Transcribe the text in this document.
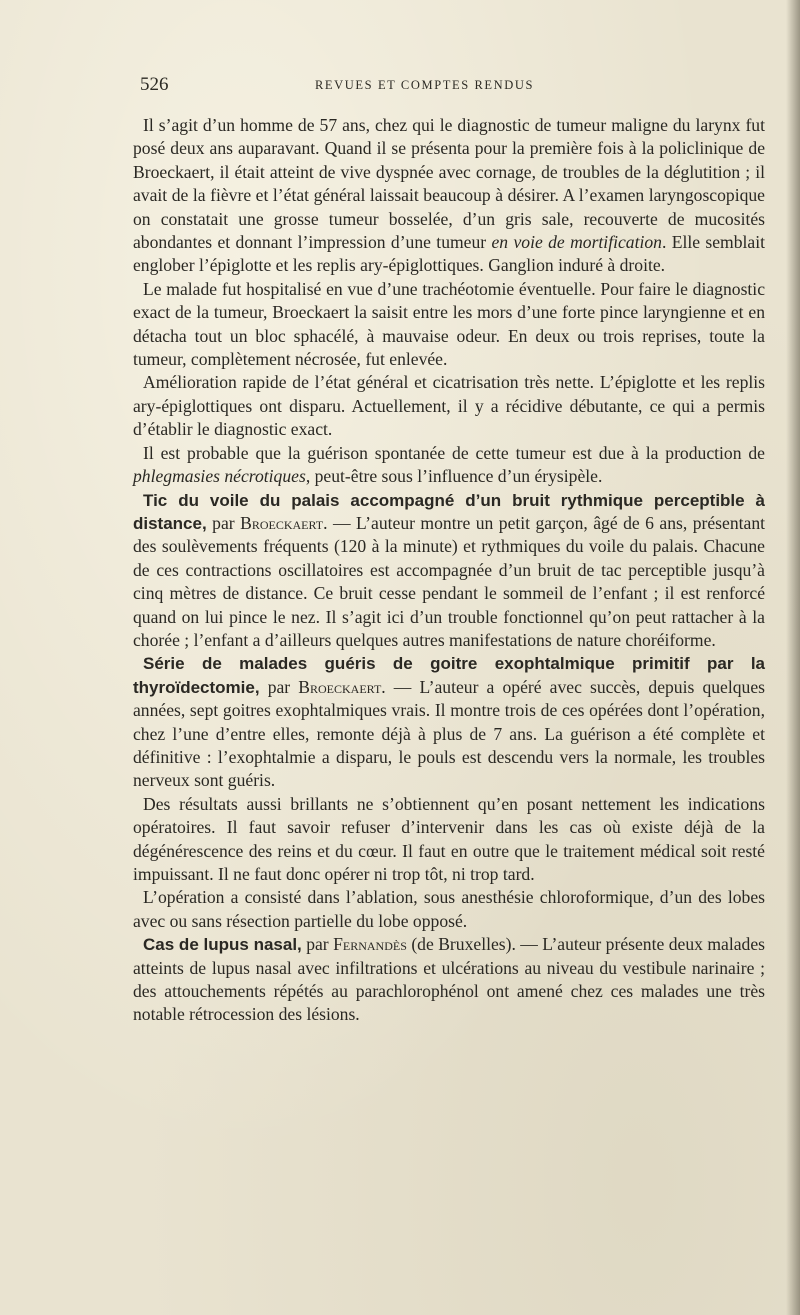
526	REVUES ET COMPTES RENDUS

Il s’agit d’un homme de 57 ans, chez qui le diagnostic de tumeur maligne du larynx fut posé deux ans auparavant. Quand il se présenta pour la première fois à la policlinique de Broeckaert, il était atteint de vive dyspnée avec cornage, de troubles de la déglutition ; il avait de la fièvre et l’état général laissait beaucoup à désirer. A l’examen laryngoscopique on constatait une grosse tumeur bosselée, d’un gris sale, recouverte de mucosités abondantes et donnant l’impression d’une tumeur en voie de mortification. Elle semblait englober l’épiglotte et les replis ary-épiglottiques. Ganglion induré à droite.

Le malade fut hospitalisé en vue d’une trachéotomie éventuelle. Pour faire le diagnostic exact de la tumeur, Broeckaert la saisit entre les mors d’une forte pince laryngienne et en détacha tout un bloc sphacélé, à mauvaise odeur. En deux ou trois reprises, toute la tumeur, complètement nécrosée, fut enlevée.

Amélioration rapide de l’état général et cicatrisation très nette. L’épiglotte et les replis ary-épiglottiques ont disparu. Actuellement, il y a récidive débutante, ce qui a permis d’établir le diagnostic exact.

Il est probable que la guérison spontanée de cette tumeur est due à la production de phlegmasies nécrotiques, peut-être sous l’influence d’un érysipèle.

Tic du voile du palais accompagné d’un bruit rythmique perceptible à distance, par Broeckaert. — L’auteur montre un petit garçon, âgé de 6 ans, présentant des soulèvements fréquents (120 à la minute) et rythmiques du voile du palais. Chacune de ces contractions oscillatoires est accompagnée d’un bruit de tac perceptible jusqu’à cinq mètres de distance. Ce bruit cesse pendant le sommeil de l’enfant ; il est renforcé quand on lui pince le nez. Il s’agit ici d’un trouble fonctionnel qu’on peut rattacher à la chorée ; l’enfant a d’ailleurs quelques autres manifestations de nature choréiforme.

Série de malades guéris de goitre exophtalmique primitif par la thyroïdectomie, par Broeckaert. — L’auteur a opéré avec succès, depuis quelques années, sept goitres exophtalmiques vrais. Il montre trois de ces opérées dont l’opération, chez l’une d’entre elles, remonte déjà à plus de 7 ans. La guérison a été complète et définitive : l’exophtalmie a disparu, le pouls est descendu vers la normale, les troubles nerveux sont guéris.

Des résultats aussi brillants ne s’obtiennent qu’en posant nettement les indications opératoires. Il faut savoir refuser d’intervenir dans les cas où existe déjà de la dégénérescence des reins et du cœur. Il faut en outre que le traitement médical soit resté impuissant. Il ne faut donc opérer ni trop tôt, ni trop tard.

L’opération a consisté dans l’ablation, sous anesthésie chloroformique, d’un des lobes avec ou sans résection partielle du lobe opposé.

Cas de lupus nasal, par Fernandès (de Bruxelles). — L’auteur présente deux malades atteints de lupus nasal avec infiltrations et ulcérations au niveau du vestibule narinaire ; des attouchements répétés au parachlorophénol ont amené chez ces malades une très notable rétrocession des lésions.
